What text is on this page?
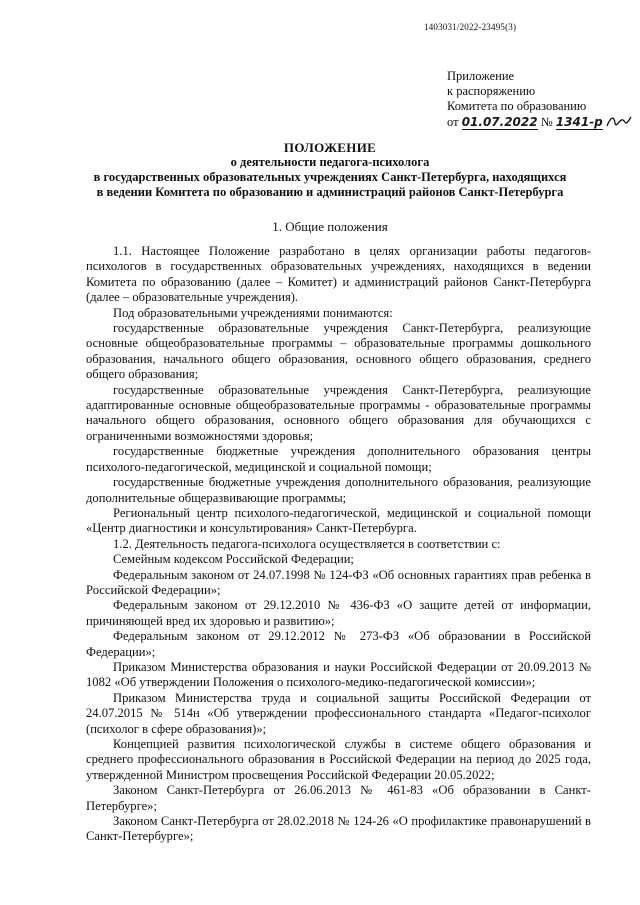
1403031/2022-23495(3)
Приложение
к распоряжению
Комитета по образованию
от 01.07.2022 № 1341-р
ПОЛОЖЕНИЕ
о деятельности педагога-психолога
в государственных образовательных учреждениях Санкт-Петербурга, находящихся
в ведении Комитета по образованию и администраций районов Санкт-Петербурга
1. Общие положения

1.1. Настоящее Положение разработано в целях организации работы педагогов-психологов в государственных образовательных учреждениях, находящихся в ведении Комитета по образованию (далее – Комитет) и администраций районов Санкт-Петербурга (далее – образовательные учреждения).

Под образовательными учреждениями понимаются:

государственные образовательные учреждения Санкт-Петербурга, реализующие основные общеобразовательные программы – образовательные программы дошкольного образования, начального общего образования, основного общего образования, среднего общего образования;

государственные образовательные учреждения Санкт-Петербурга, реализующие адаптированные основные общеобразовательные программы - образовательные программы начального общего образования, основного общего образования для обучающихся с ограниченными возможностями здоровья;

государственные бюджетные учреждения дополнительного образования центры психолого-педагогической, медицинской и социальной помощи;

государственные бюджетные учреждения дополнительного образования, реализующие дополнительные общеразвивающие программы;

Региональный центр психолого-педагогической, медицинской и социальной помощи «Центр диагностики и консультирования» Санкт-Петербурга.

1.2. Деятельность педагога-психолога осуществляется в соответствии с:

Семейным кодексом Российской Федерации;

Федеральным законом от 24.07.1998 № 124-ФЗ «Об основных гарантиях прав ребенка в Российской Федерации»;

Федеральным законом от 29.12.2010 № 436-ФЗ «О защите детей от информации, причиняющей вред их здоровью и развитию»;

Федеральным законом от 29.12.2012 № 273-ФЗ «Об образовании в Российской Федерации»;

Приказом Министерства образования и науки Российской Федерации от 20.09.2013 № 1082 «Об утверждении Положения о психолого-медико-педагогической комиссии»;

Приказом Министерства труда и социальной защиты Российской Федерации от 24.07.2015 № 514н «Об утверждении профессионального стандарта «Педагог-психолог (психолог в сфере образования)»;

Концепцией развития психологической службы в системе общего образования и среднего профессионального образования в Российской Федерации на период до 2025 года, утвержденной Министром просвещения Российской Федерации 20.05.2022;

Законом Санкт-Петербурга от 26.06.2013 № 461-83 «Об образовании в Санкт-Петербурге»;

Законом Санкт-Петербурга от 28.02.2018 № 124-26 «О профилактике правонарушений в Санкт-Петербурге»;
